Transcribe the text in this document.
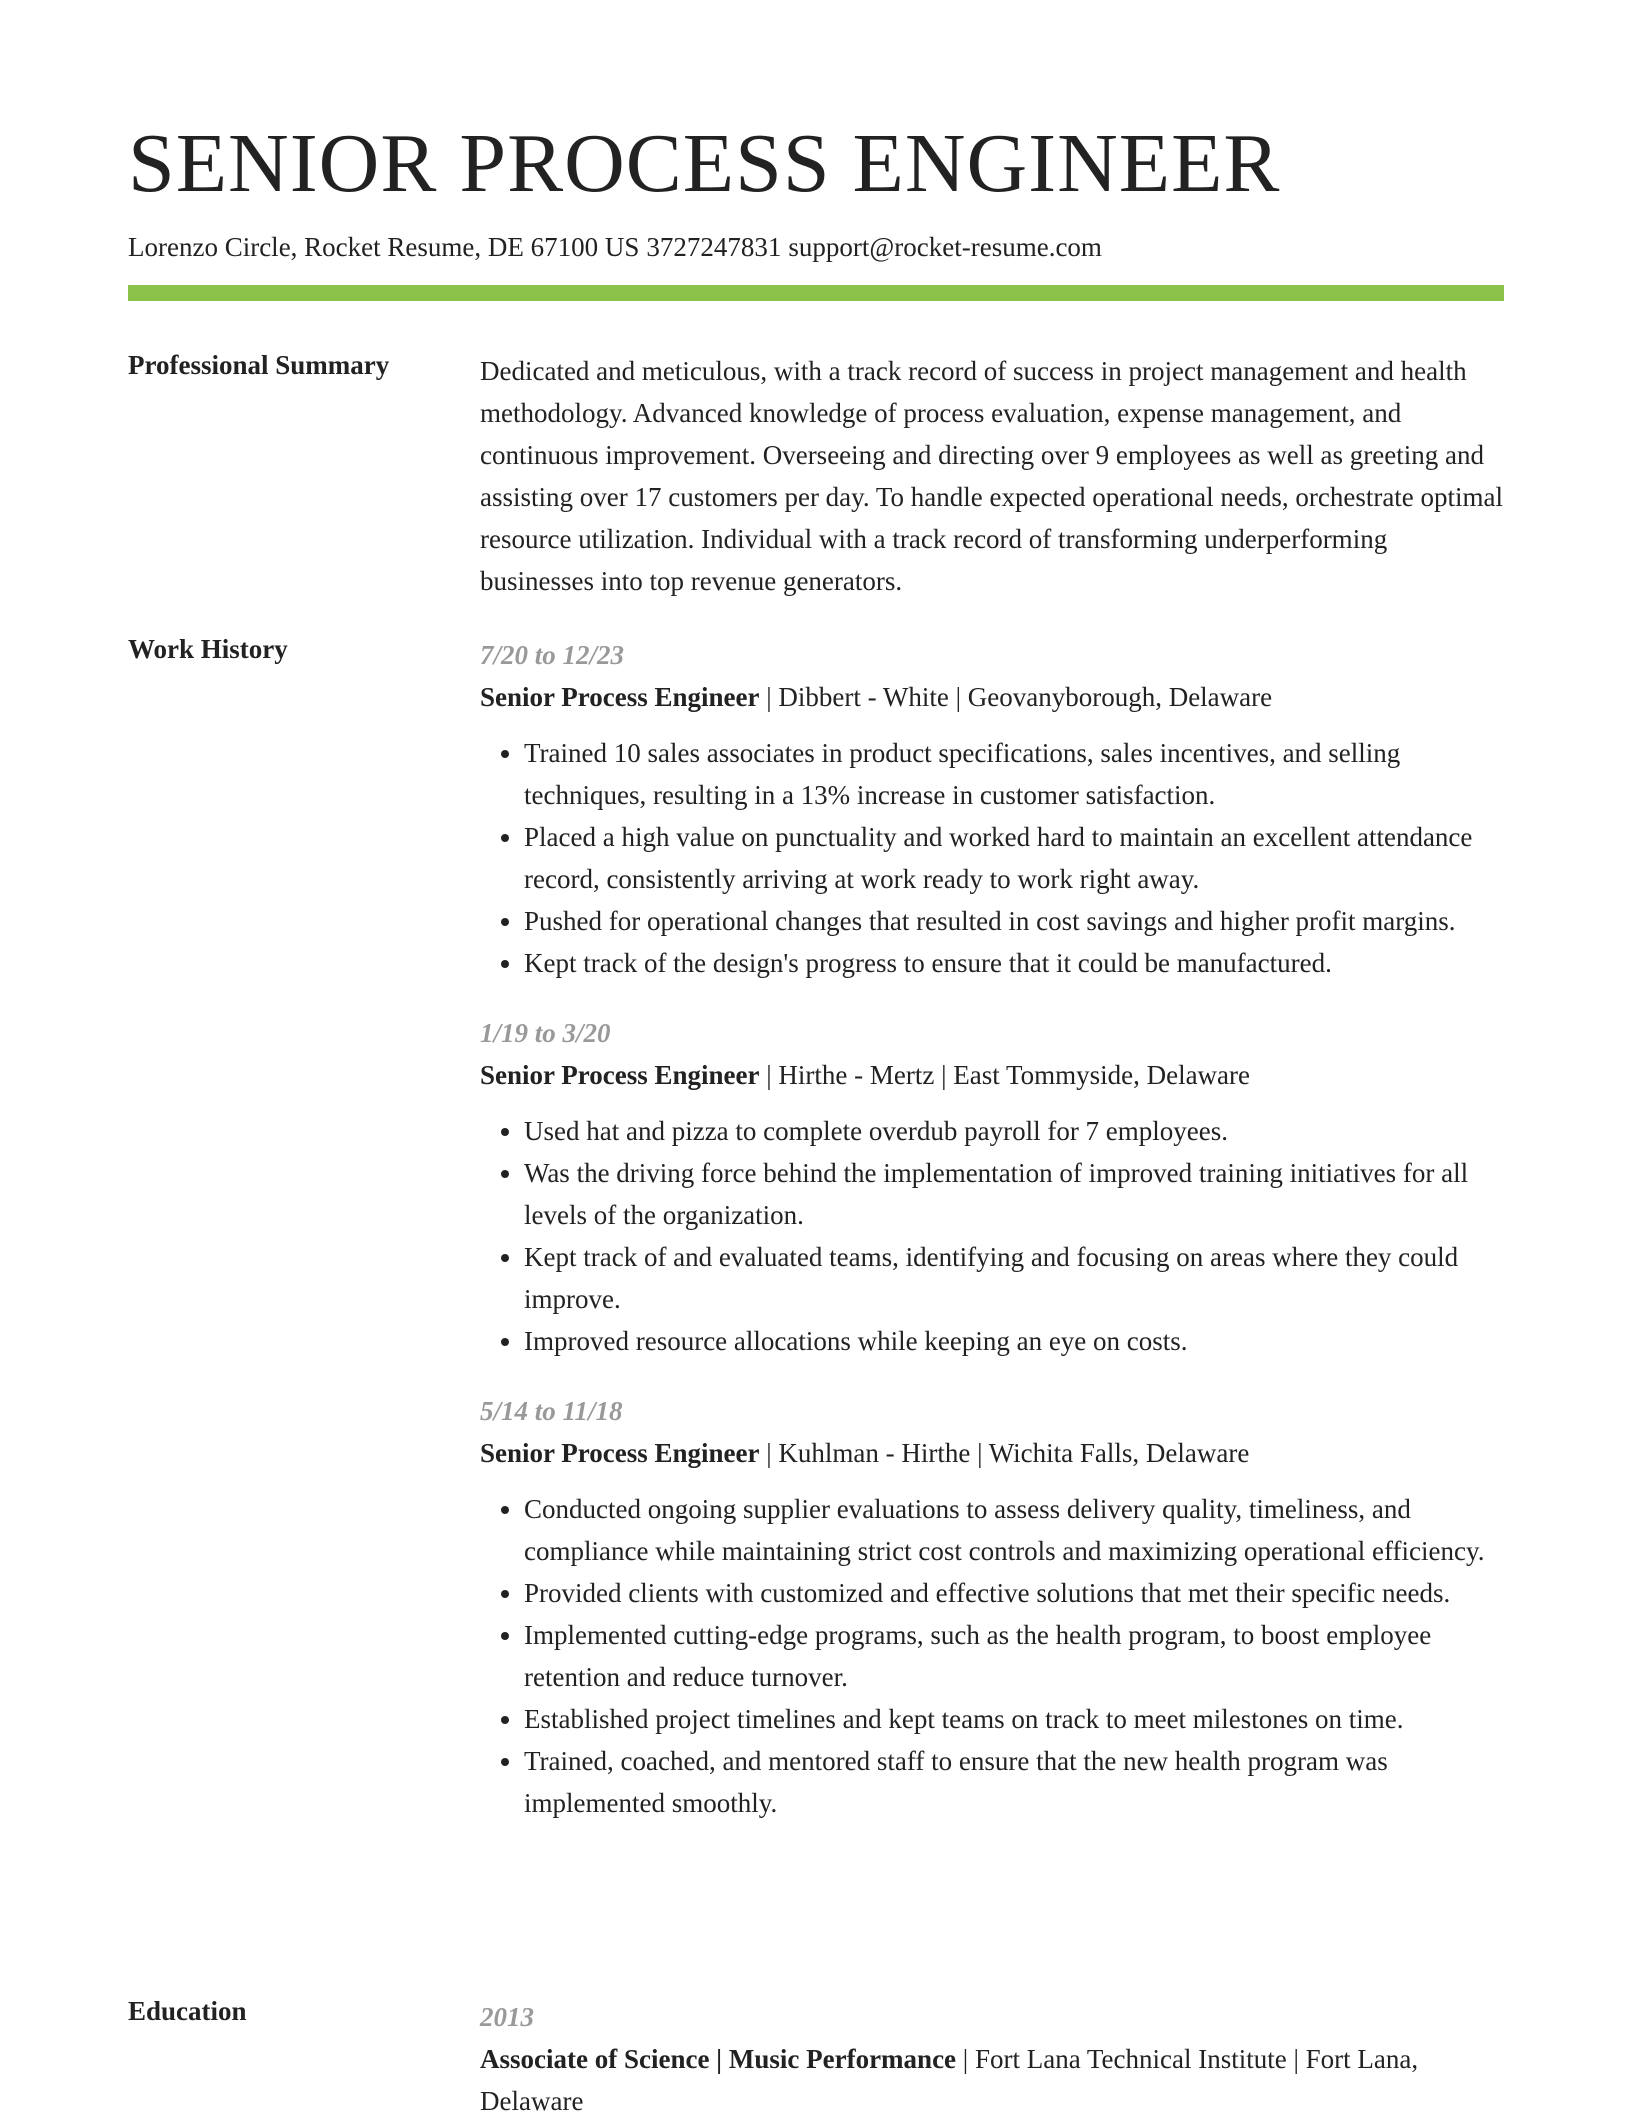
SENIOR PROCESS ENGINEER
Lorenzo Circle, Rocket Resume, DE 67100 US 3727247831 support@rocket-resume.com
Professional Summary	Dedicated and meticulous, with a track record of success in project management and health methodology. Advanced knowledge of process evaluation, expense management, and continuous improvement. Overseeing and directing over 9 employees as well as greeting and assisting over 17 customers per day. To handle expected operational needs, orchestrate optimal resource utilization. Individual with a track record of transforming underperforming businesses into top revenue generators.

Work History	7/20 to 12/23

Senior Process Engineer | Dibbert - White | Geovanyborough, Delaware

• Trained 10 sales associates in product specifications, sales incentives, and selling techniques, resulting in a 13% increase in customer satisfaction.
• Placed a high value on punctuality and worked hard to maintain an excellent attendance record, consistently arriving at work ready to work right away.
• Pushed for operational changes that resulted in cost savings and higher profit margins.
• Kept track of the design's progress to ensure that it could be manufactured.

1/19 to 3/20

Senior Process Engineer | Hirthe - Mertz | East Tommyside, Delaware

• Used hat and pizza to complete overdub payroll for 7 employees.
• Was the driving force behind the implementation of improved training initiatives for all levels of the organization.
• Kept track of and evaluated teams, identifying and focusing on areas where they could improve.
• Improved resource allocations while keeping an eye on costs.

5/14 to 11/18

Senior Process Engineer | Kuhlman - Hirthe | Wichita Falls, Delaware

• Conducted ongoing supplier evaluations to assess delivery quality, timeliness, and compliance while maintaining strict cost controls and maximizing operational efficiency.
• Provided clients with customized and effective solutions that met their specific needs.
• Implemented cutting-edge programs, such as the health program, to boost employee retention and reduce turnover.
• Established project timelines and kept teams on track to meet milestones on time.
• Trained, coached, and mentored staff to ensure that the new health program was implemented smoothly.
Education	2013

Associate of Science | Music Performance | Fort Lana Technical Institute | Fort Lana, Delaware
